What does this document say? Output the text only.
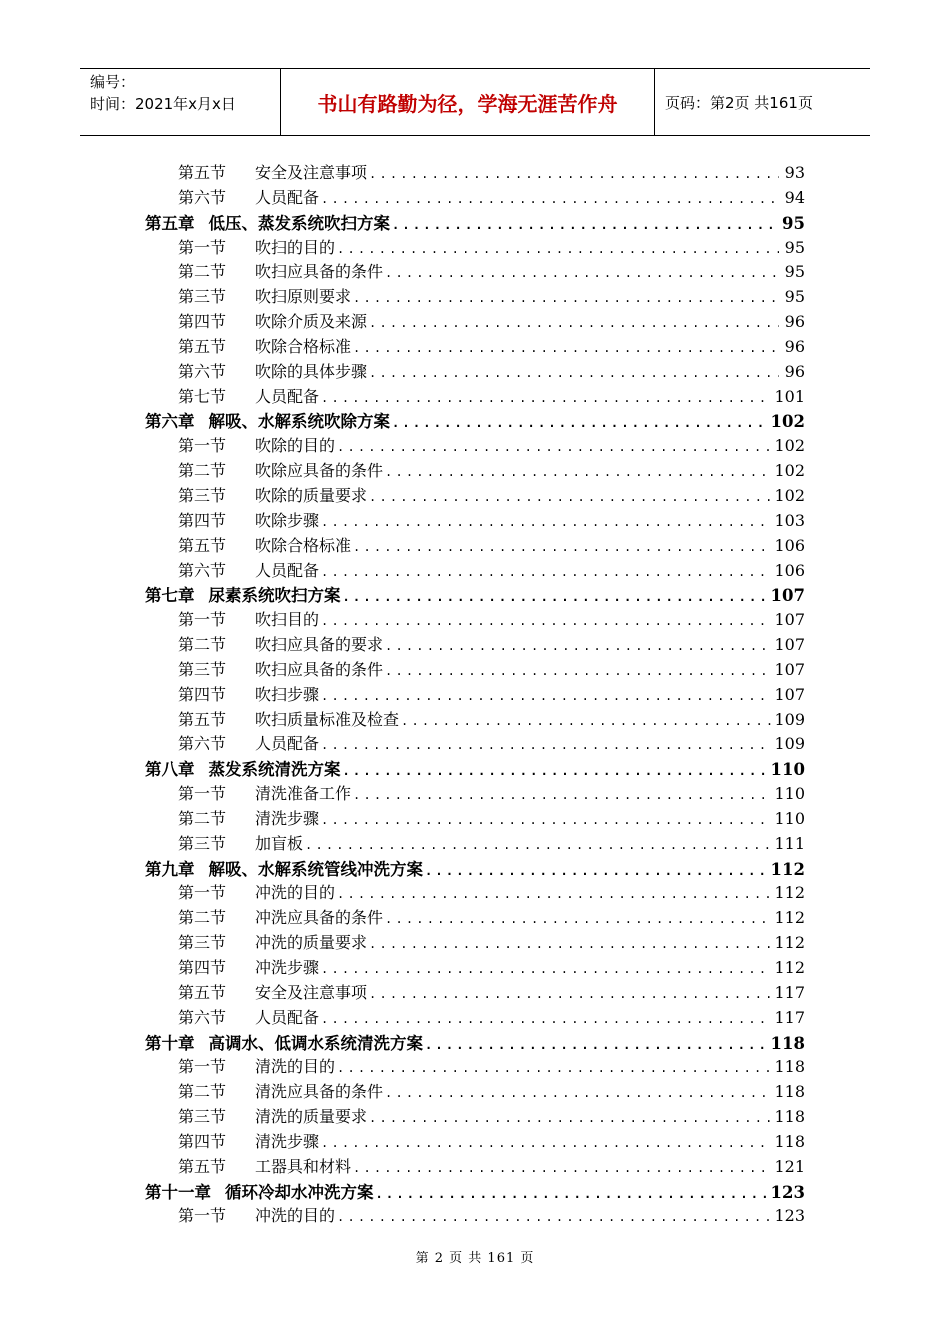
编号：
时间：2021年x月x日	书山有路勤为径，学海无涯苦作舟	页码：第2页 共161页
第五节	安全及注意事项 .....	93
第六节	人员配备 .....	94
第五章 低压、蒸发系统吹扫方案 .....	95
第一节	吹扫的目的 .....	95
第二节	吹扫应具备的条件 .....	95
第三节	吹扫原则要求 .....	95
第四节	吹除介质及来源 .....	96
第五节	吹除合格标准 .....	96
第六节	吹除的具体步骤 .....	96
第七节	人员配备 .....	101
第六章 解吸、水解系统吹除方案 .....	102
第一节	吹除的目的 .....	102
第二节	吹除应具备的条件 .....	102
第三节	吹除的质量要求 .....	102
第四节	吹除步骤 .....	103
第五节	吹除合格标准 .....	106
第六节	人员配备 .....	106
第七章 尿素系统吹扫方案 .....	107
第一节	吹扫目的 .....	107
第二节	吹扫应具备的要求 .....	107
第三节	吹扫应具备的条件 .....	107
第四节	吹扫步骤 .....	107
第五节	吹扫质量标准及检查 .....	109
第六节	人员配备 .....	109
第八章 蒸发系统清洗方案 .....	110
第一节	清洗准备工作 .....	110
第二节	清洗步骤 .....	110
第三节	加盲板 .....	111
第九章 解吸、水解系统管线冲洗方案 .....	112
第一节	冲洗的目的 .....	112
第二节	冲洗应具备的条件 .....	112
第三节	冲洗的质量要求 .....	112
第四节	冲洗步骤 .....	112
第五节	安全及注意事项 .....	117
第六节	人员配备 .....	117
第十章 高调水、低调水系统清洗方案 .....	118
第一节	清洗的目的 .....	118
第二节	清洗应具备的条件 .....	118
第三节	清洗的质量要求 .....	118
第四节	清洗步骤 .....	118
第五节	工器具和材料 .....	121
第十一章 循环冷却水冲洗方案 .....	123
第一节	冲洗的目的 .....	123
第 2 页 共 161 页
